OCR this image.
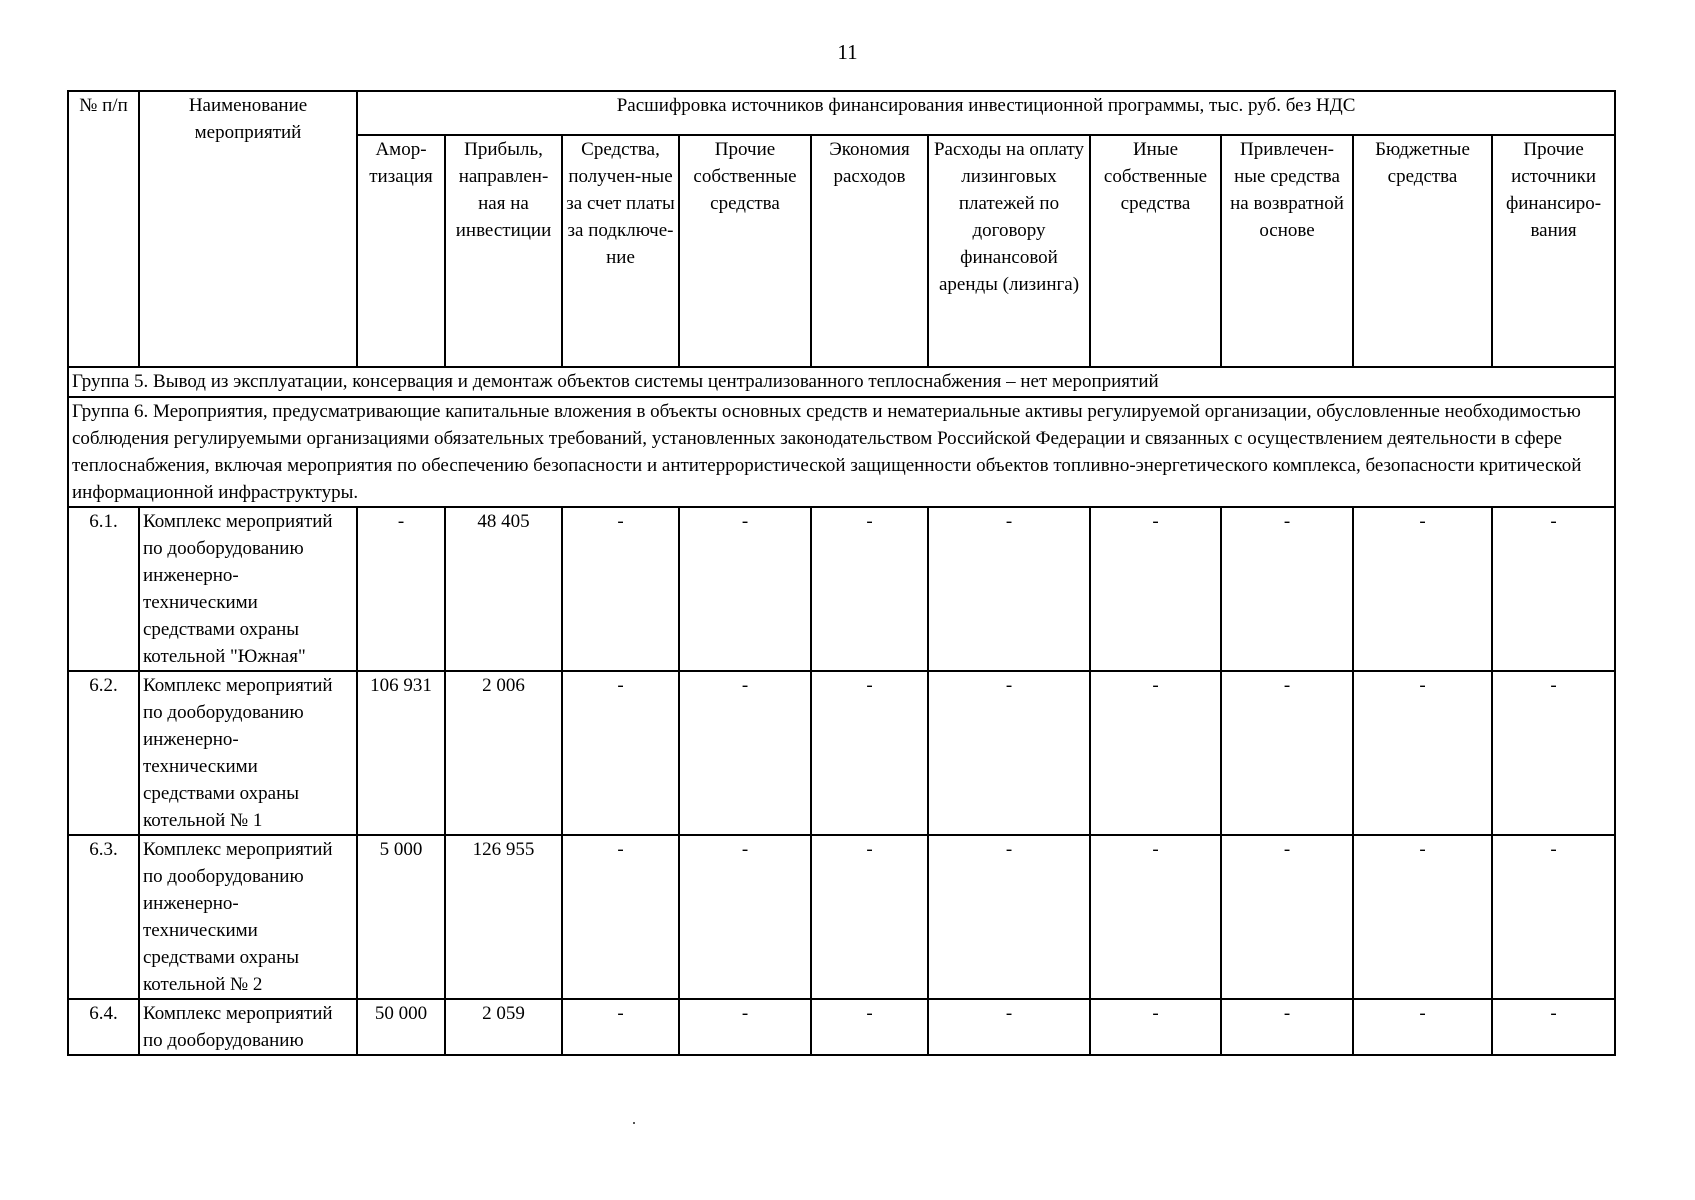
11
№ п/п	Наименование мероприятий	Расшифровка источников финансирования инвестиционной программы, тыс. руб. без НДС									
		Амор-тизация	Прибыль, направлен-ная на инвестиции	Средства, получен-ные за счет платы за подключе-ние	Прочие собственные средства	Экономия расходов	Расходы на оплату лизинговых платежей по договору финансовой аренды (лизинга)	Иные собственные средства	Привлечен-ные средства на возвратной основе	Бюджетные средства	Прочие источники финансиро-вания
Группа 5. Вывод из эксплуатации, консервация и демонтаж объектов системы централизованного теплоснабжения – нет мероприятий											
Группа 6. Мероприятия, предусматривающие капитальные вложения в объекты основных средств и нематериальные активы регулируемой организации, обусловленные необходимостью соблюдения регулируемыми организациями обязательных требований, установленных законодательством Российской Федерации и связанных с осуществлением деятельности в сфере теплоснабжения, включая мероприятия по обеспечению безопасности и антитеррористической защищенности объектов топливно-энергетического комплекса, безопасности критической информационной инфраструктуры.											
6.1.	Комплекс мероприятий по дооборудованию инженерно-техническими средствами охраны котельной "Южная"	-	48 405	-	-	-	-	-	-	-	-
6.2.	Комплекс мероприятий по дооборудованию инженерно-техническими средствами охраны котельной № 1	106 931	2 006	-	-	-	-	-	-	-	-
6.3.	Комплекс мероприятий по дооборудованию инженерно-техническими средствами охраны котельной № 2	5 000	126 955	-	-	-	-	-	-	-	-
6.4.	Комплекс мероприятий по дооборудованию	50 000	2 059	-	-	-	-	-	-	-	-
